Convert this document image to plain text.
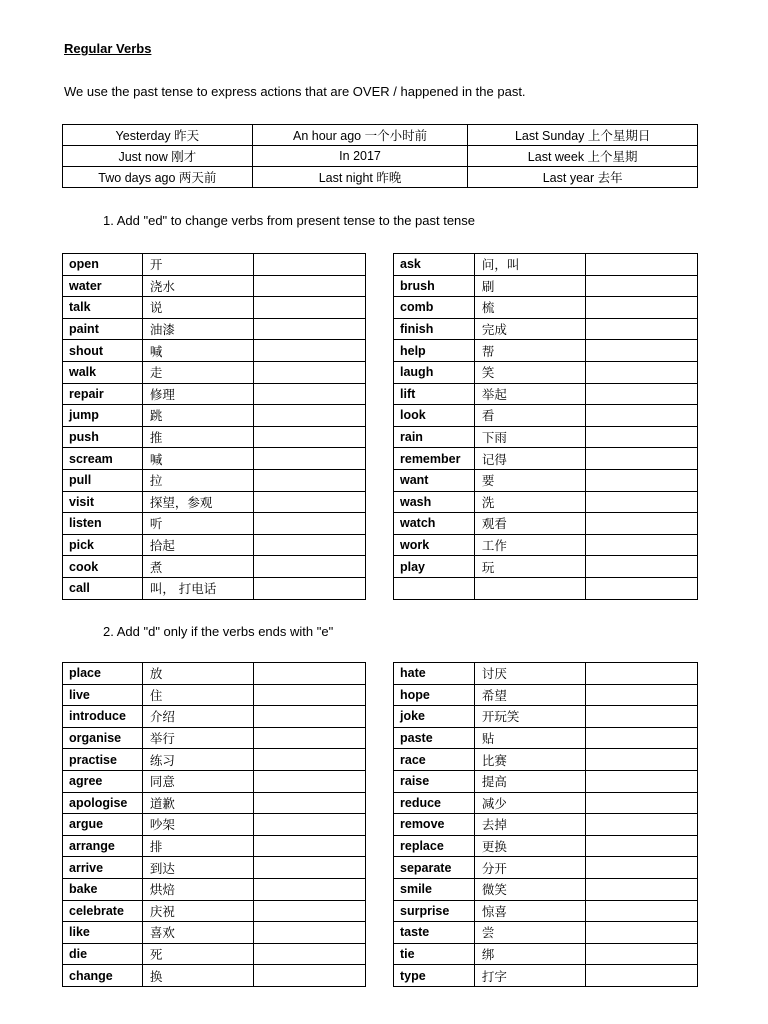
Regular Verbs
We use the past tense to express actions that are OVER / happened in the past.
Yesterday 昨天	An hour ago 一个小时前	Last Sunday 上个星期日
Just now 刚才	In 2017	Last week 上个星期
Two days ago 两天前	Last night 昨晚	Last year 去年
1. Add "ed" to change verbs from present tense to the past tense
open	开	
water	浇水	
talk	说	
paint	油漆	
shout	喊	
walk	走	
repair	修理	
jump	跳	
push	推	
scream	喊	
pull	拉	
visit	探望，参观	
listen	听	
pick	拾起	
cook	煮	
call	叫， 打电话	
ask	问，叫	
brush	刷	
comb	梳	
finish	完成	
help	帮	
laugh	笑	
lift	举起	
look	看	
rain	下雨	
remember	记得	
want	要	
wash	洗	
watch	观看	
work	工作	
play	玩	

2. Add "d" only if the verbs ends with "e"
place	放	
live	住	
introduce	介绍	
organise	举行	
practise	练习	
agree	同意	
apologise	道歉	
argue	吵架	
arrange	排	
arrive	到达	
bake	烘焙	
celebrate	庆祝	
like	喜欢	
die	死	
change	换	
hate	讨厌	
hope	希望	
joke	开玩笑	
paste	贴	
race	比赛	
raise	提高	
reduce	减少	
remove	去掉	
replace	更换	
separate	分开	
smile	微笑	
surprise	惊喜	
taste	尝	
tie	绑	
type	打字	
